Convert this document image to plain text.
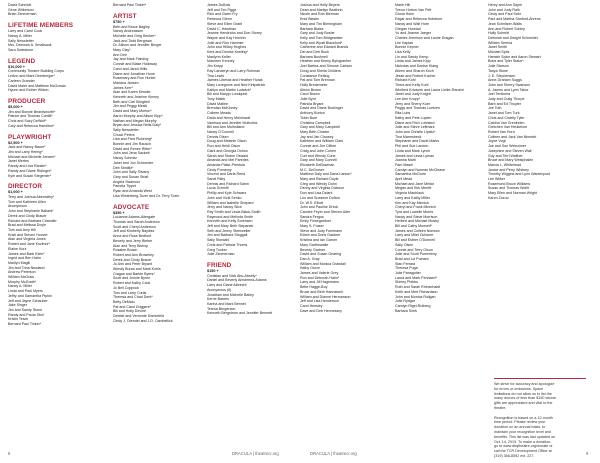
David Schmidt
Gene Wilkerson
Brian Zimmerman
LIFETIME MEMBERS
Larry and Carol Cook
Nancy A. Miller
Sally Newsletter
Mrs. Deborah A. Smallsauk
Sara Swiestone
LEGEND
$10,000 +
Community Theatre Building Corps
LeAnn and Mark Deerberger*
Carleen Grander
David Maier and Matthew McGowan
Hyunn and Esther Wilson
PRODUCER
$5,000 +
Jim and Bonnie Beardsworth*
Patrice and Thomas Cordill*
Chris and Suzy DeWolf*
Cary and Rebecca Hamilton*
PLAYWRIGHT
$2,500 +
Jack and Nancy Bauer*
Jim and Larry Hering*
Michael and Michelle Jensen*
Janet Mertes
Randy and Lisa Rankin*
Randy and Diane Ridinger*
Kyle and Susan Stegemer*
DIRECTOR
$1,000 +
Terry and Joshua Abernathy*
Tom and Kathleen Allen
Anonymous
John and Stephanie Ballard*
Derek and Cindy Brauer
Richard and Barbara Chandler
Brad and Melissa Doyle
Tom and Amy Hill
Kristi and Steven Hoover
Alan and Virginia Jones
Robert and Jane Kozimor*
Elaine Kurz
James and Barb Klein*
Ingrid and Ben Hahn
Marilyn Magill
Jim and Trina Newland
Andrew Peterson
William McGraw
Murphy McGrath*
Nancy A. Miller
Linda and Paul Myers
Jeffry and Samantha Pipkin
Jeff and Jayne Schauber
Jake Singer
Jim and Sandy Stone
Randy and Paula Stoll
Kristin Tesch
Bernard Paul Tinker*
Bernard Paul Tinker*
ARTIST
$750 +
Beth and Bruce Bagley
Nancy Andreassen
Michelle and Greg Becker*
Jack and Todd Bergman
Dr. Allison and Jennifer Berger
Mary Clay*
Ann Dee
Jay and Mark Flaming
Connie and Blake Holloway
Carol and Jared Hillis
Diane and Jonathan Hone
Rosemary and Ron Hunter
Mariana Jansen
James Kerr*
Alan and Karen Kessler
Kenneth and Jeanine Kinney
Beth and Carl Klingbeil
Jim and Peggy Mesik
David and Mary Morton*
Aaron Murphy and Alison Kipp*
Nathan and Megan Murphy
Bryan and Jessica Nelis-Daly*
Sally Newsletter
Chuck Peters
Lisa and Fred Pickering*
Bonnie and Jim Rausch
David and Renee Ritter*
John and Jena Sackett
Nancy Schmitz
Janet and Jon Schroeder
Deb Seidlitz*
John and Sally Silvany
Gary and Susan Strait
Angela Swanson
Pamela Tippet
Ryan and Amanda West
Lisa Winterberg-Tozer and Dr. Terry Tozer
ADVOCATE
$350 +
Lucianne Adams-Altergate
Thomas and Sarah Anderson
Scott and Cheryl Anderson
Jeff and Kimberly Bayless
Anna and Russ Bedford
Beverly and Jerry Bieber
Alan and Terry Bishop
Rosalee Brown
Robert and Ann Brownley
Derek and Cindy Brauer
Jo Ann and Peter Bryant
Wendy Burau and Mark Kohls
Cragan and Barbie Byers*
Scott and Jennie Byrne
Robert and Kathy Cook
Jo Bell Coppock
Tom and Larry Curtis
Theresa and Chad Dent*
Betty DeMaio
Pat and Carol Driggers*
Bill and Holly Devine
Debbie and Vernonte Dominfeld
Cindy J. Drendel and J.D. Cambellick
James DuBois
Jeff and Teri Figge
Rick and Gwen Fry
Rebecca Glenn
Steve and Ellen Grant
David C. Hawthan
Jeanne Hendricks and Don Storey
Wayne and Kay Hochrin
Julie and Ron Hammer
John and Hillary Hughes
Kent and Denise Keeling*
Marilynn Keller
Maureen Kenney
Jim Kropp
Ray Landeryn and Larry Rohman
Tina Lewis
Jaimes Liberda and Heather Hurak
Mary Lovegrove and Ned Kirkpatrick
Kaitlyn and Martin Ludwick*
Bill and Maryjo Lundquist
Tony Malek
David Matlee
Brendan McKinney
Colleen Meads
Darla and Henry Meinhardt
Vanessa and Jennifer Mulholick
Bill and Ann Mulholland
Nancy O'Connell
Dennis Olsen
Doug and Melanie Olson
Ron and Heidi Olson
Clark and Georgia Oshoo
Sarah and Shane Oswald
Amanda and Mel Paredes
Amanda Plake-Prestula
Cindy Pomeroy
Vincent and Darla Reed
Sandi Riley
Dennis and Richard Sahm
Lucia Schmitt
Phillip and Kyle Schwarz
John and Vicki Senko
William and Isabelle Shepard
Jerry and Nancy Slick
Ray Smith and Linda Black-Smith
Raymond and Melinda Smith
Kenneth and Kelly Sorensen
Jeff and Mary Beth Stepanek
Seth and Jenny Steinweiler
Jim and Barbara Stoggall
Sally Stordahl
Chris and Patricia Thoms
Greg Tucker
Julie Zimmerman
FRIEND
$150 +
Christian and Nick Abu-Absely*
Daniel and Beverly Ainsbrena-Adams
Larry and Diane Albrecht
Anonymous (6)
Jonathan and Michelle Bailey
Kerrie Barnes
Karina and Mark Bennet
Teresa Bergerson
Kenneth Bergstrom and Jennifer Bennett
Joshua and Holly Beyers
Dean and Marilyn Beathrin
Nicole and Rob Bierman
Enid Bieske
Mary and Tim Birmingham
Barbara Blaise
Gary and Jody Boshe
Kelly and Tom Bridgewater
Kelly and Wyatt Blackford*
Catherine and Edward Brands
Del and Deb Buck
Barbara Bushnell
Heather and Kenny Byingrasher
Joel Bartiss and Simone Carlson
Doug and Sheila Childers
Constance Reiting
Pat and Tom Brennan
Holly Bredemeier
Alison Brown
Carol Brown
Julie Byrd
Patricia Bryant
David and Diane Burkinger
Anthony Burton
Tobin Bure
Christina Campbell
Gary and Mary Campbell
Mary Beth Charter
Jay and Jan Clausey
Kathleen and William Clark
Connie and Jim Clifton
Craig and John Cohen
Curt and Wendy Cone
Gary and Mary Connell
Elizabeth DeBowman
M.C. DeGroser
Matthew Daly and Dana Larson*
Mary and Richard Doyle
Greg and Wendy Dunn
Denny and Virginia Dickson
Don and Lisa Dziark
Lou and Suzanne Dufton
Dr. W.S. Elliott
John and Pauline Dreck
Carolee Feyer and Steven Alter
Sandra Fergus
Emily Finnegardner
Mary S. Fraser
Steve and Judy Fuermann
Edwin and Doris Gardner
Kristina and Ian Garner
Mary Garthewaite
Beverly Gartner
David and Susan Gearing
Dan A. Gray
William and Monica Grandall
Kathy Grove
James and Valerie Grey
Ron and Deborah Hahn*
Larry and Jill Hagemann
Bette Hagge-Boy
Bruce and Beth Hannawell
William and Dianne Hermanson
Jeff and Lisa Henderson
Carol Hensley
Dave and Deb Hennessey
Marie Hill
Trevor Horton Van Pelt
Gloria Hoke
Edgar and Rebecca Holstrom
Nancy and Walt Hore
Gregan Horstad
Yu and Jeanne Jaeger
Charles Jennison and Laurie Dragan
Lee Kaplan
Bonnie Kepner
Lisa Kelly
Lin and Sandy Kemp
Linda and James Kipp
Nicholas and Denise Klang
Aileen and Sharon Koch
Jesse and Robert Kocher
Richard Kohl
Thera and Kelly Kuhl
Winifred Krivacek and Laura Lieller-Ranzini
Janet and Judy Knight
Lee Ann Krupp*
Jerry and Sherry Kuer
Peggy and Thomas Luetzen
Rita Lubs
Kathy and Pete Lupien
Diane and Rich Luhrsted
Juile and Steve Leffmark
John and Christie Lipsitz*
Tina Marmsbeck
Stephanie and David Marks
Phil and Sue Landon
Linda and Mark Lynch
James and Linda Lyman
Joanna Marti
Pam Masel
Carolyn and Norman McCleave
Samantha McGuire
April Mead
Michael and Jane Mellar
Megan and Kirk Merritt
Virginia Mischlauk
Larry and Kathy Miller
Ken and Kay Minnick
Cheryl and Frank Minnich
Tyra and Lowelle Morris
Nancy and Steve Morrison
Herbert and Michael Mosby
Bill and Cathy Munsell*
James and Colleen Nomura
Larry and Milet Ochsner
Bill and Esther O'Donnell
Sally Olsen
Connie and Terry Olson
Julie and Scott Pomerleny
Brad and Liz Putnam
Stan Ferrara
Theresa Puga
Julie Panagotier
Laura and Mark Penhaed*
Shirley Phibbs
Ruth and Sarah Rhinechaldt
Keith and Mert Richardson
John and Monica Rollgan
Julie Rydgar
Carolyn Rigel-Rutberg
Barbara Sims
Henry and Ann Sayre
John and Judy Ralh
Cindy and Paul Sahr
Paul and Martha Sanford-Ahrens
Jean Schnitzer-Walts
Ann and Robert Schley
Holly Schmitt
Deborah and Dwight Schneider
William Serena
Janet Smith
Michael Spitz
Hamish Spice and Aaron Stewart
Bobs and Tyler Stalor*
Julie Starson
Tanya Stone
J. E. Stephenson
Anne-Graham Suggs
John and Sherry Swanson
A. James and Lynn Tabor
Joel Tentinera
Judy and Craig Thorpe
Barb and Ed Thuyter
Joe Toth
Janet and Tom Turk
Chris and Charity Tyler
Catrina Van Greninden
Gretchen Van Heukelom
Robert Van Horn
Colleen and Jack Van Nimwiel
Joyce Vogt
Joe and Sue Weinzimer
Josephine and Steven Wall
Guy and Terri Walther
Bruce and Mary Westphalen
Marcia L. Whitehead
Janice and Perry Whitney
Timothy Wiggins and Lynn Wantenpool
Lee Wilker
Rosemond Bruce Williams
Susan and Thomas Wolfe
Mary Ellen and Norman Wright
Karen Zozuo
We strive for accuracy and apologize
for errors or omissions. Space
limitations do not allow us to list the
many donors of less than $150 whose
gifts are appreciated and vital to the
theatre.

Recognition is based on a 12-month
time period. Please review your
donation on an annual basis, to
maintain your recognition level and
benefits. This list was last updated on
Oct. 14, 2019. To make a donation,
go to www.dbqtheatre.org/donate or
call the TCR Development Office at
(319) 366-8592 ext. 227.
8	DRACULA | theatrecr.org	DRACULA | theatrecr.org	9
